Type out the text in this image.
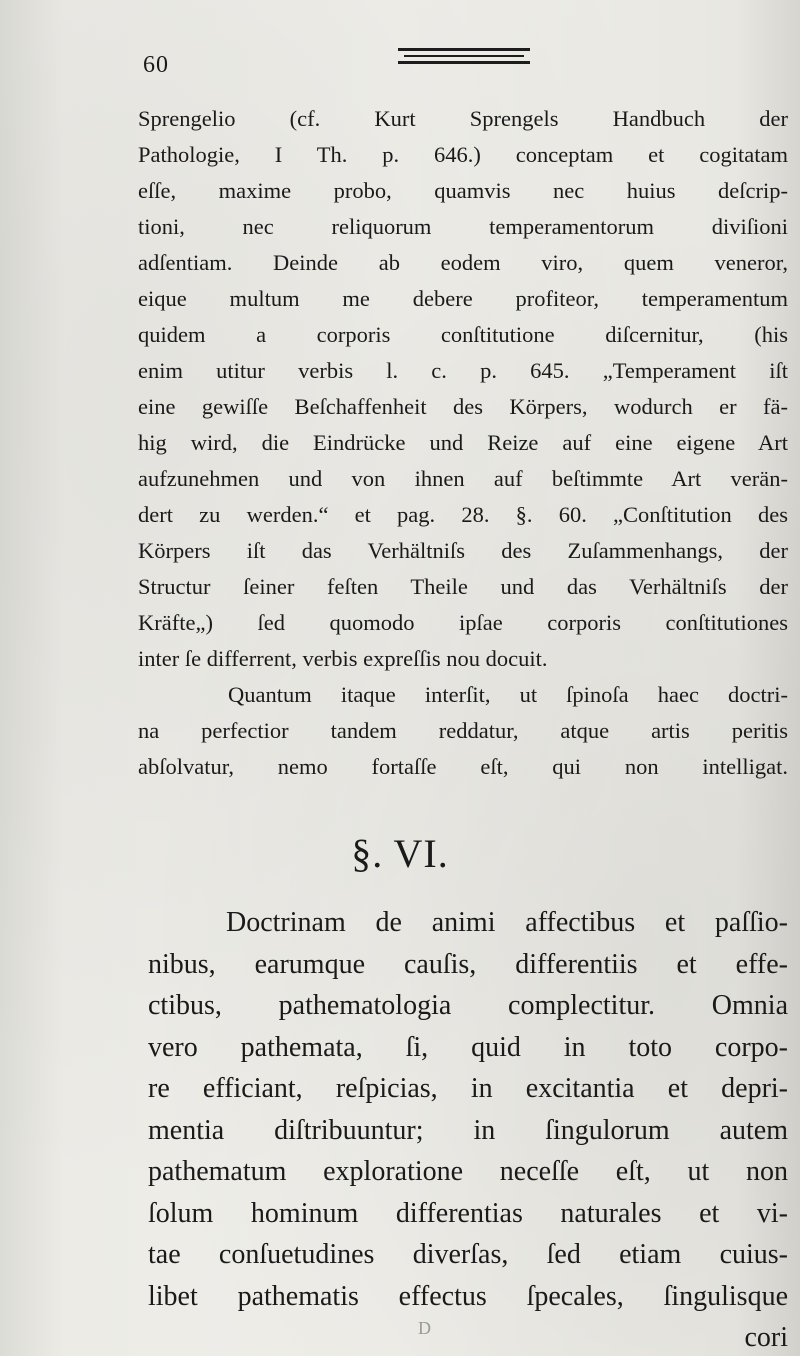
60
Sprengelio (cf. Kurt Sprengels Handbuch der
Pathologie, I Th. p. 646.) conceptam et cogitatam
eſſe, maxime probo, quamvis nec huius deſcrip-
tioni, nec reliquorum temperamentorum diviſioni
adſentiam. Deinde ab eodem viro, quem veneror,
eique multum me debere profiteor, temperamentum
quidem a corporis conſtitutione diſcernitur, (his
enim utitur verbis l. c. p. 645. „Temperament iſt
eine gewiſſe Beſchaffenheit des Körpers, wodurch er fä-
hig wird, die Eindrücke und Reize auf eine eigene Art
aufzunehmen und von ihnen auf beſtimmte Art verän-
dert zu werden.“ et pag. 28. §. 60. „Conſtitution des
Körpers iſt das Verhältniſs des Zuſammenhangs, der
Structur ſeiner feſten Theile und das Verhältniſs der
Kräfte„) ſed quomodo ipſae corporis conſtitutiones
inter ſe differrent, verbis expreſſis nou docuit.
Quantum itaque interſit, ut ſpinoſa haec doctri-
na perfectior tandem reddatur, atque artis peritis
abſolvatur, nemo fortaſſe eſt, qui non intelligat.
§. VI.
Doctrinam de animi affectibus et paſſio-
nibus, earumque cauſis, differentiis et effe-
ctibus, pathematologia complectitur. Omnia
vero pathemata, ſi, quid in toto corpo-
re efficiant, reſpicias, in excitantia et depri-
mentia diſtribuuntur; in ſingulorum autem
pathematum exploratione neceſſe eſt, ut non
ſolum hominum differentias naturales et vi-
tae conſuetudines diverſas, ſed etiam cuius-
libet pathematis effectus ſpecales, ſingulisque
cori
D
